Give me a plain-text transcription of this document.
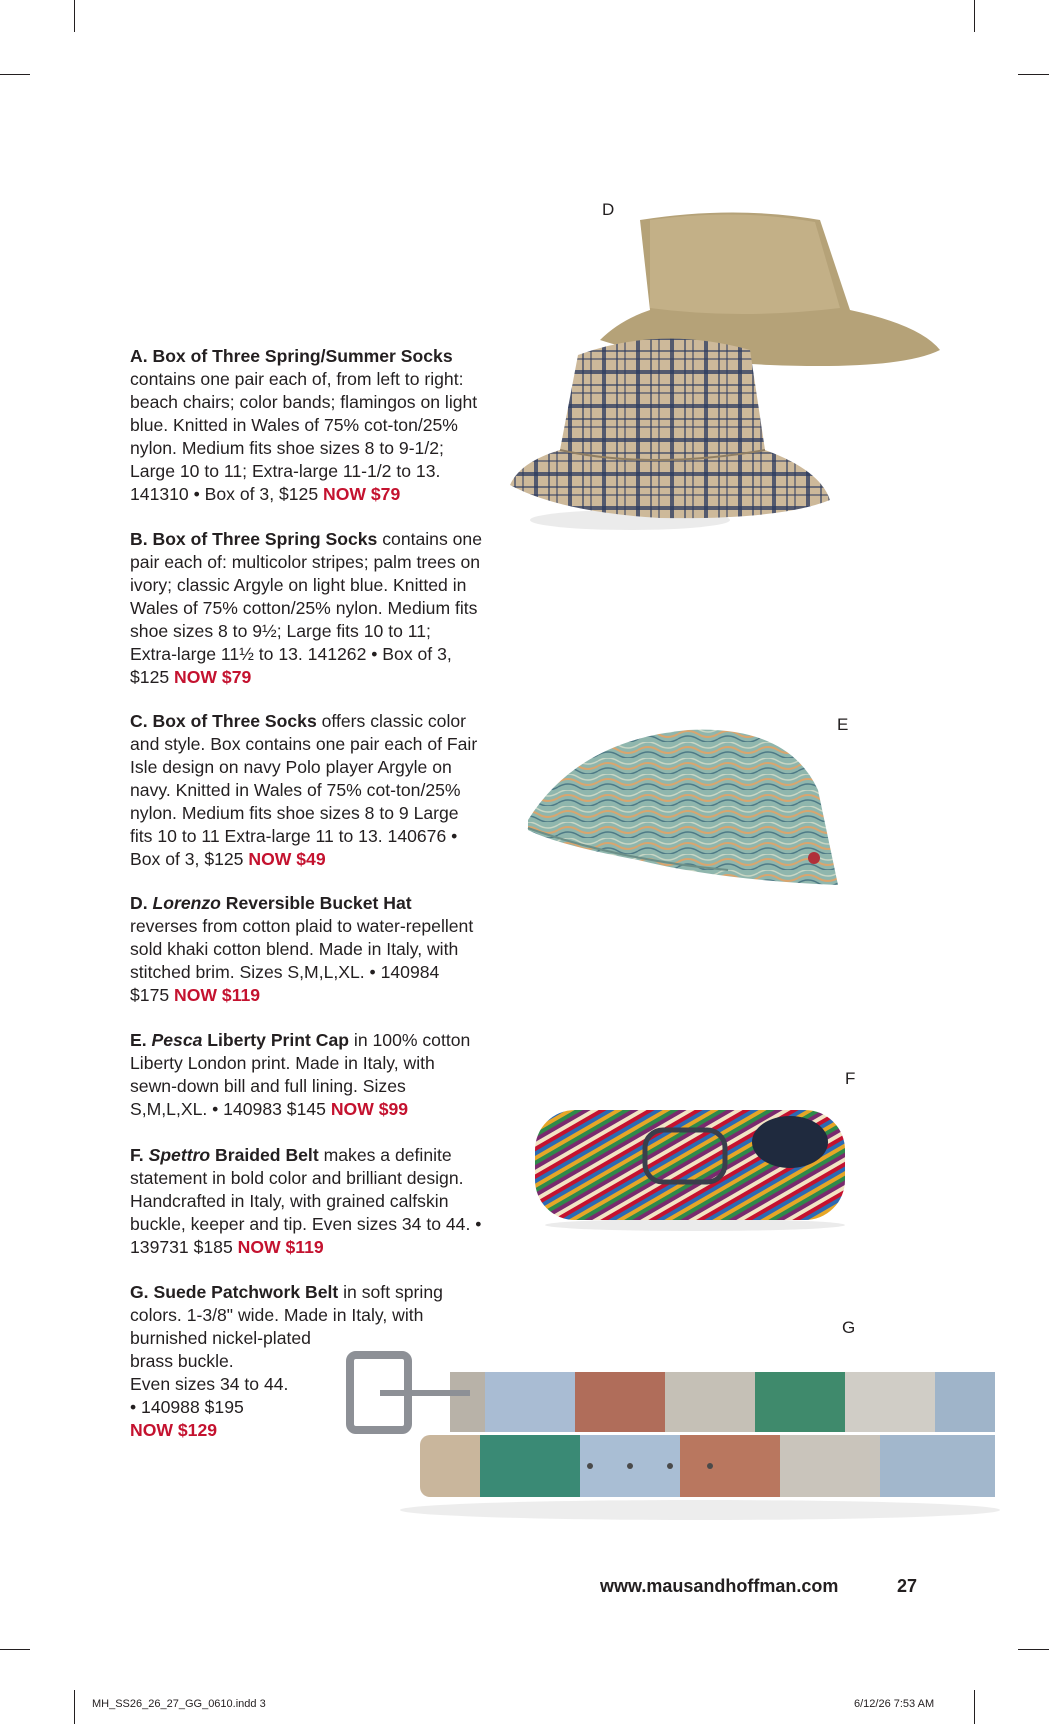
A. Box of Three Spring/Summer Socks
contains one pair each of, from left to right: beach chairs; color bands; flamingos on light blue. Knitted in Wales of 75% cot-ton/25% nylon. Medium fits shoe sizes 8 to 9-1/2; Large 10 to 11; Extra-large 11-1/2 to 13. 141310 • Box of 3, $125 NOW $79
B. Box of Three Spring Socks contains one pair each of: multicolor stripes; palm trees on ivory; classic Argyle on light blue. Knitted in Wales of 75% cotton/25% nylon. Medium fits shoe sizes 8 to 9½; Large fits 10 to 11; Extra-large 11½ to 13. 141262 • Box of 3, $125 NOW $79
C. Box of Three Socks offers classic color and style. Box contains one pair each of Fair Isle design on navy Polo player Argyle on navy. Knitted in Wales of 75% cot-ton/25% nylon. Medium fits shoe sizes 8 to 9 Large fits 10 to 11 Extra-large 11 to 13. 140676 • Box of 3, $125 NOW $49
D. Lorenzo Reversible Bucket Hat
reverses from cotton plaid to water-repellent sold khaki cotton blend. Made in Italy, with stitched brim. Sizes S,M,L,XL. • 140984 $175 NOW $119
E. Pesca Liberty Print Cap in 100% cotton Liberty London print. Made in Italy, with sewn-down bill and full lining. Sizes S,M,L,XL. • 140983 $145 NOW $99
F. Spettro Braided Belt makes a definite statement in bold color and brilliant design. Handcrafted in Italy, with grained calfskin buckle, keeper and tip. Even sizes 34 to 44. • 139731 $185 NOW $119
G. Suede Patchwork Belt in soft spring colors. 1-3/8" wide. Made in Italy, with
burnished nickel-plated
brass buckle.
Even sizes 34 to 44.
• 140988 $195
NOW $129
D
E
F
G
www.mausandhoffman.com	27
MH_SS26_26_27_GG_0610.indd 3	6/12/26 7:53 AM
